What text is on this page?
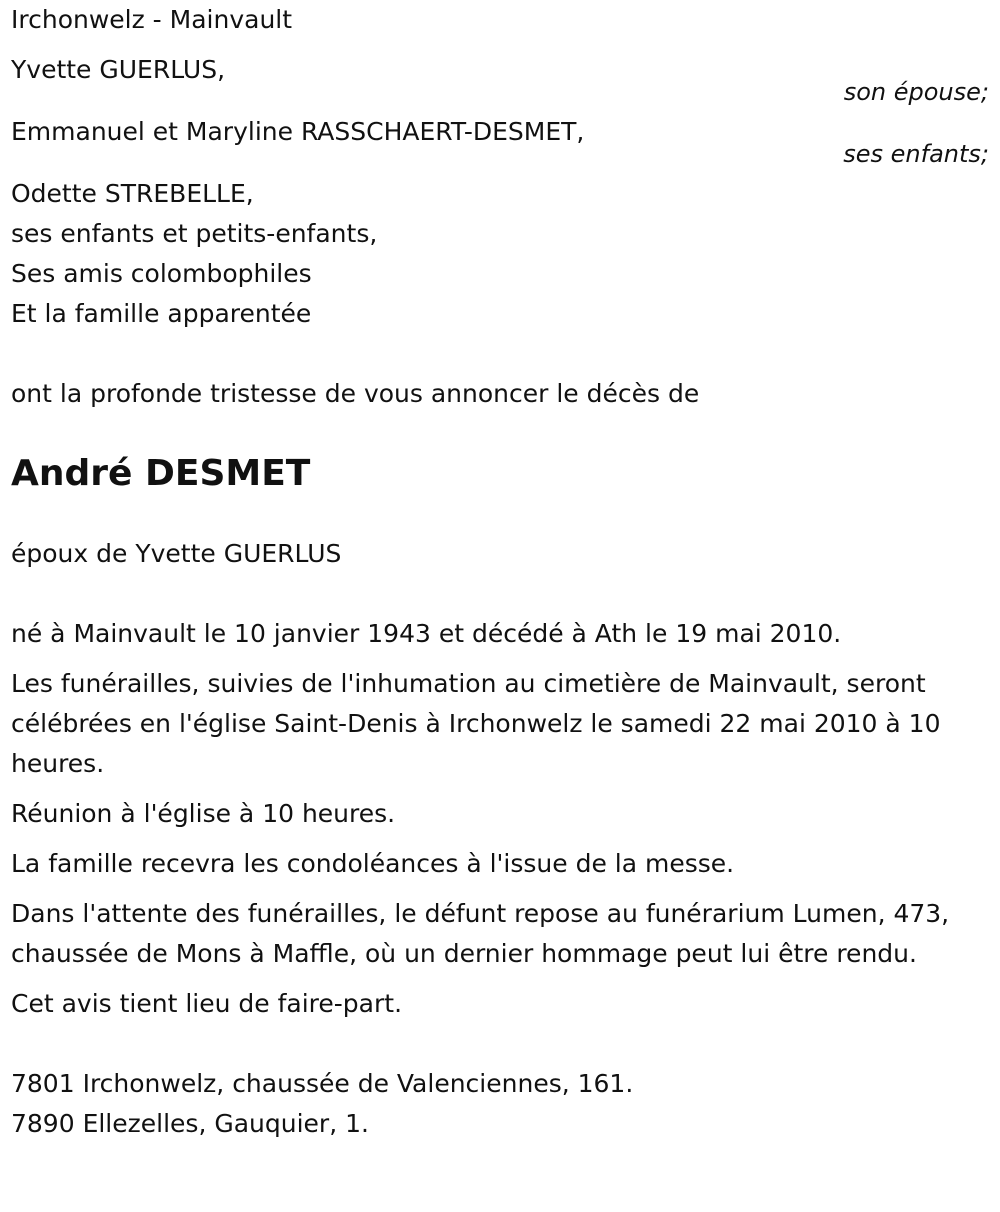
Irchonwelz - Mainvault
Yvette GUERLUS,
son épouse;
Emmanuel et Maryline RASSCHAERT-DESMET,
ses enfants;
Odette STREBELLE,
ses enfants et petits-enfants,
Ses amis colombophiles
Et la famille apparentée
ont la profonde tristesse de vous annoncer le décès de
André DESMET
époux de Yvette GUERLUS
né à Mainvault le 10 janvier 1943 et décédé à Ath le 19 mai 2010.
Les funérailles, suivies de l'inhumation au cimetière de Mainvault, seront célébrées en l'église Saint-Denis à Irchonwelz le samedi 22 mai 2010 à 10 heures.
Réunion à l'église à 10 heures.
La famille recevra les condoléances à l'issue de la messe.
Dans l'attente des funérailles, le défunt repose au funérarium Lumen, 473, chaussée de Mons à Maffle, où un dernier hommage peut lui être rendu.
Cet avis tient lieu de faire-part.
7801 Irchonwelz, chaussée de Valenciennes, 161.
7890 Ellezelles, Gauquier, 1.
